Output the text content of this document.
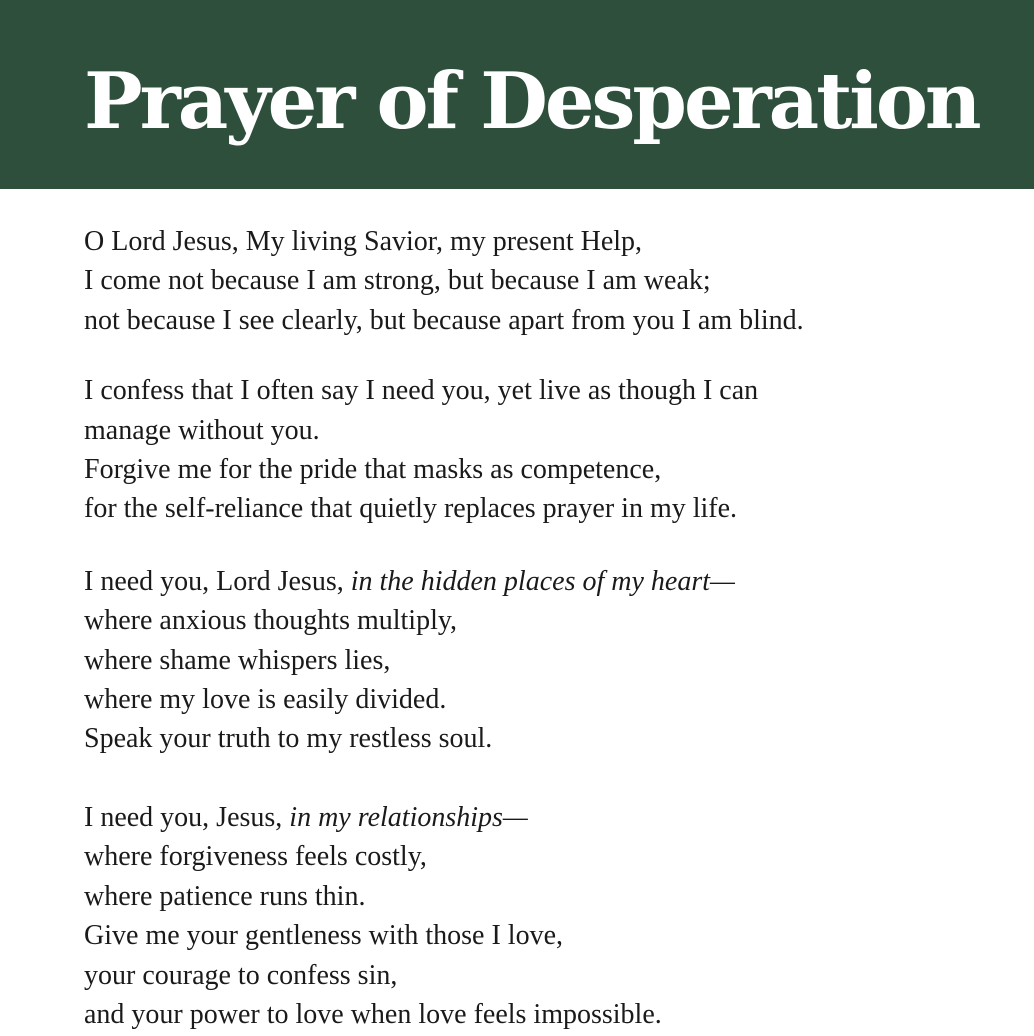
Prayer of Desperation

O Lord Jesus, My living Savior, my present Help,
I come not because I am strong, but because I am weak;
not because I see clearly, but because apart from you I am blind.

I confess that I often say I need you, yet live as though I can
manage without you.
Forgive me for the pride that masks as competence,
for the self-reliance that quietly replaces prayer in my life.

I need you, Lord Jesus, in the hidden places of my heart—
where anxious thoughts multiply,
where shame whispers lies,
where my love is easily divided.
Speak your truth to my restless soul.

I need you, Jesus, in my relationships—
where forgiveness feels costly,
where patience runs thin.
Give me your gentleness with those I love,
your courage to confess sin,
and your power to love when love feels impossible.
